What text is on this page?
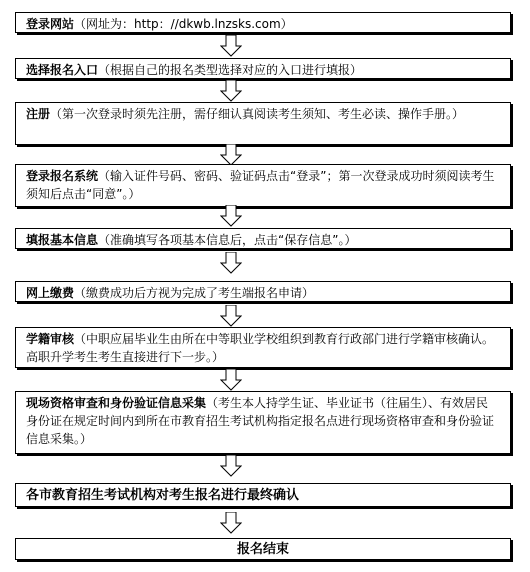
登录网站（网址为：http：//dkwb.lnzsks.com）
选择报名入口（根据自己的报名类型选择对应的入口进行填报）
注册（第一次登录时须先注册，需仔细认真阅读考生须知、考生必读、操作手册。）
登录报名系统（输入证件号码、密码、验证码点击“登录”；第一次登录成功时须阅读考生须知后点击“同意”。）
填报基本信息（准确填写各项基本信息后，点击“保存信息”。）
网上缴费（缴费成功后方视为完成了考生端报名申请）
学籍审核（中职应届毕业生由所在中等职业学校组织到教育行政部门进行学籍审核确认。高职升学考生考生直接进行下一步。）
现场资格审查和身份验证信息采集（考生本人持学生证、毕业证书（往届生）、有效居民身份证在规定时间内到所在市教育招生考试机构指定报名点进行现场资格审查和身份验证信息采集。）
各市教育招生考试机构对考生报名进行最终确认
报名结束
